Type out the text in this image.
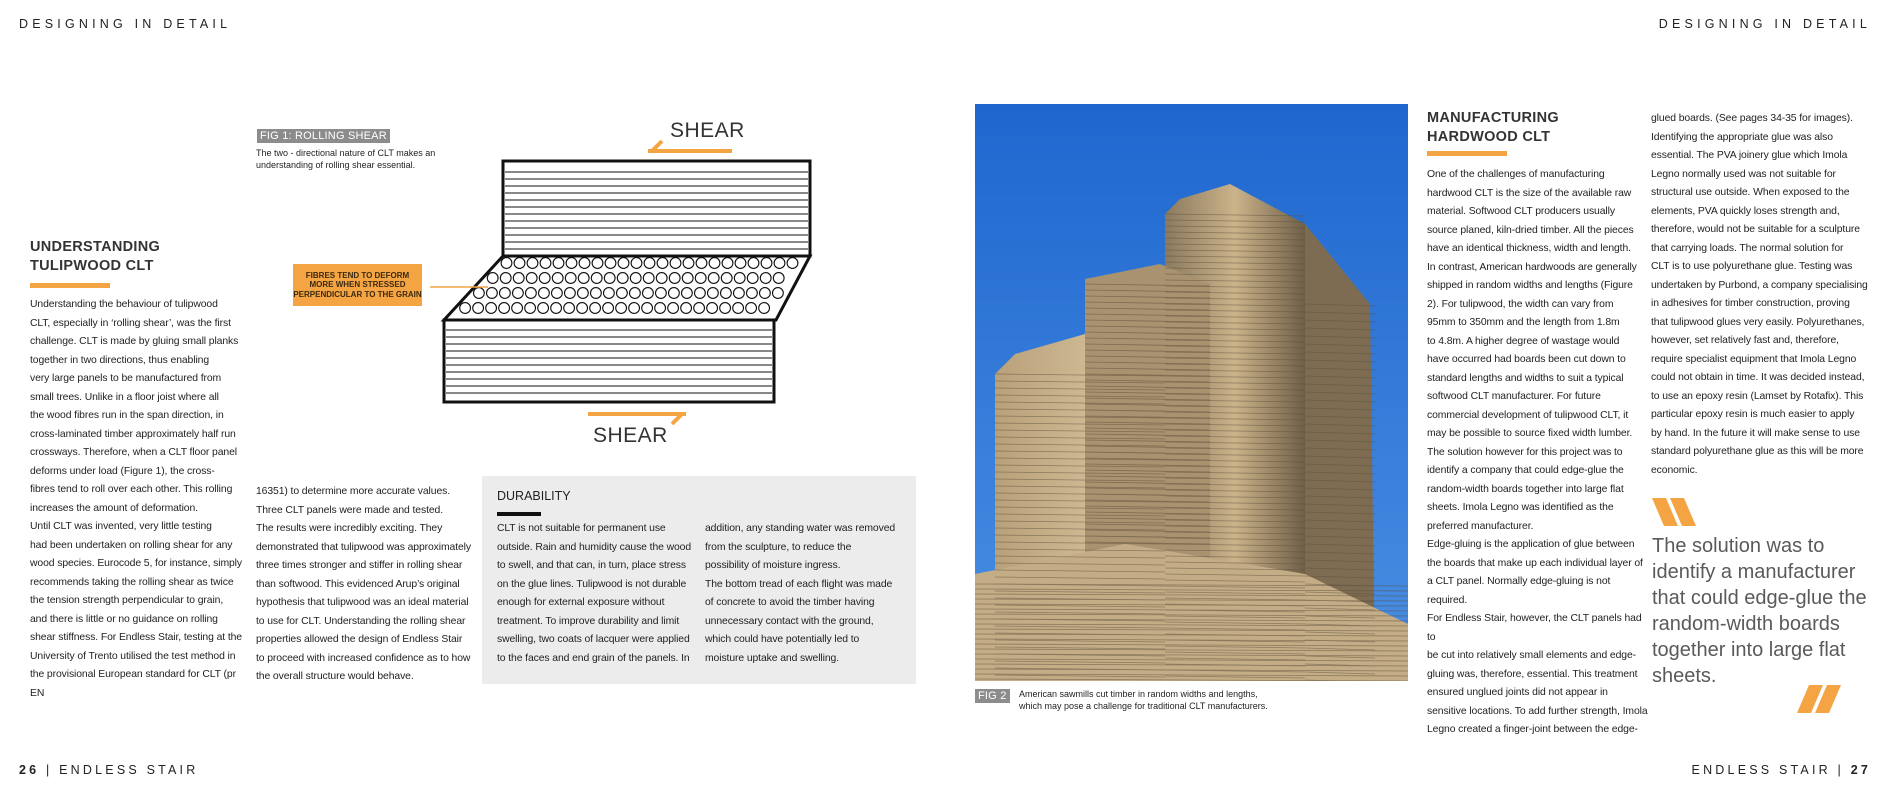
DESIGNING IN DETAIL	DESIGNING IN DETAIL
FIG 1: ROLLING SHEAR
The two - directional nature of CLT makes an understanding of rolling shear essential.
SHEAR
SHEAR
FIBRES TEND TO DEFORM MORE WHEN STRESSED PERPENDICULAR TO THE GRAIN
UNDERSTANDING
TULIPWOOD CLT
Understanding the behaviour of tulipwood
CLT, especially in ‘rolling shear’, was the first
challenge. CLT is made by gluing small planks
together in two directions, thus enabling
very large panels to be manufactured from
small trees. Unlike in a floor joist where all
the wood fibres run in the span direction, in
cross-laminated timber approximately half run
crossways. Therefore, when a CLT floor panel
deforms under load (Figure 1), the cross-
fibres tend to roll over each other. This rolling
increases the amount of deformation.
Until CLT was invented, very little testing
had been undertaken on rolling shear for any
wood species. Eurocode 5, for instance, simply
recommends taking the rolling shear as twice
the tension strength perpendicular to grain,
and there is little or no guidance on rolling
shear stiffness. For Endless Stair, testing at the
University of Trento utilised the test method in
the provisional European standard for CLT (pr EN
16351) to determine more accurate values.
Three CLT panels were made and tested.
The results were incredibly exciting. They
demonstrated that tulipwood was approximately
three times stronger and stiffer in rolling shear
than softwood. This evidenced Arup’s original
hypothesis that tulipwood was an ideal material
to use for CLT. Understanding the rolling shear
properties allowed the design of Endless Stair
to proceed with increased confidence as to how
the overall structure would behave.
DURABILITY
CLT is not suitable for permanent use
outside. Rain and humidity cause the wood
to swell, and that can, in turn, place stress
on the glue lines. Tulipwood is not durable
enough for external exposure without
treatment. To improve durability and limit
swelling, two coats of lacquer were applied
to the faces and end grain of the panels. In
addition, any standing water was removed
from the sculpture, to reduce the
possibility of moisture ingress.
The bottom tread of each flight was made
of concrete to avoid the timber having
unnecessary contact with the ground,
which could have potentially led to
moisture uptake and swelling.
FIG 2	American sawmills cut timber in random widths and lengths,
which may pose a challenge for traditional CLT manufacturers.
MANUFACTURING
HARDWOOD CLT
One of the challenges of manufacturing
hardwood CLT is the size of the available raw
material. Softwood CLT producers usually
source planed, kiln-dried timber. All the pieces
have an identical thickness, width and length.
In contrast, American hardwoods are generally
shipped in random widths and lengths (Figure
2). For tulipwood, the width can vary from
95mm to 350mm and the length from 1.8m
to 4.8m. A higher degree of wastage would
have occurred had boards been cut down to
standard lengths and widths to suit a typical
softwood CLT manufacturer. For future
commercial development of tulipwood CLT, it
may be possible to source fixed width lumber.
The solution however for this project was to
identify a company that could edge-glue the
random-width boards together into large flat
sheets. Imola Legno was identified as the
preferred manufacturer.
Edge-gluing is the application of glue between
the boards that make up each individual layer of
a CLT panel. Normally edge-gluing is not required.
For Endless Stair, however, the CLT panels had to
be cut into relatively small elements and edge-
gluing was, therefore, essential. This treatment
ensured unglued joints did not appear in
sensitive locations. To add further strength, Imola
Legno created a finger-joint between the edge-
glued boards. (See pages 34-35 for images).
Identifying the appropriate glue was also
essential. The PVA joinery glue which Imola
Legno normally used was not suitable for
structural use outside. When exposed to the
elements, PVA quickly loses strength and,
therefore, would not be suitable for a sculpture
that carrying loads. The normal solution for
CLT is to use polyurethane glue. Testing was
undertaken by Purbond, a company specialising
in adhesives for timber construction, proving
that tulipwood glues very easily. Polyurethanes,
however, set relatively fast and, therefore,
require specialist equipment that Imola Legno
could not obtain in time. It was decided instead,
to use an epoxy resin (Lamset by Rotafix). This
particular epoxy resin is much easier to apply
by hand. In the future it will make sense to use
standard polyurethane glue as this will be more
economic.
The solution was to identify a manufacturer that could edge-glue the random-width boards together into large flat sheets.
26 | ENDLESS STAIR	ENDLESS STAIR | 27
